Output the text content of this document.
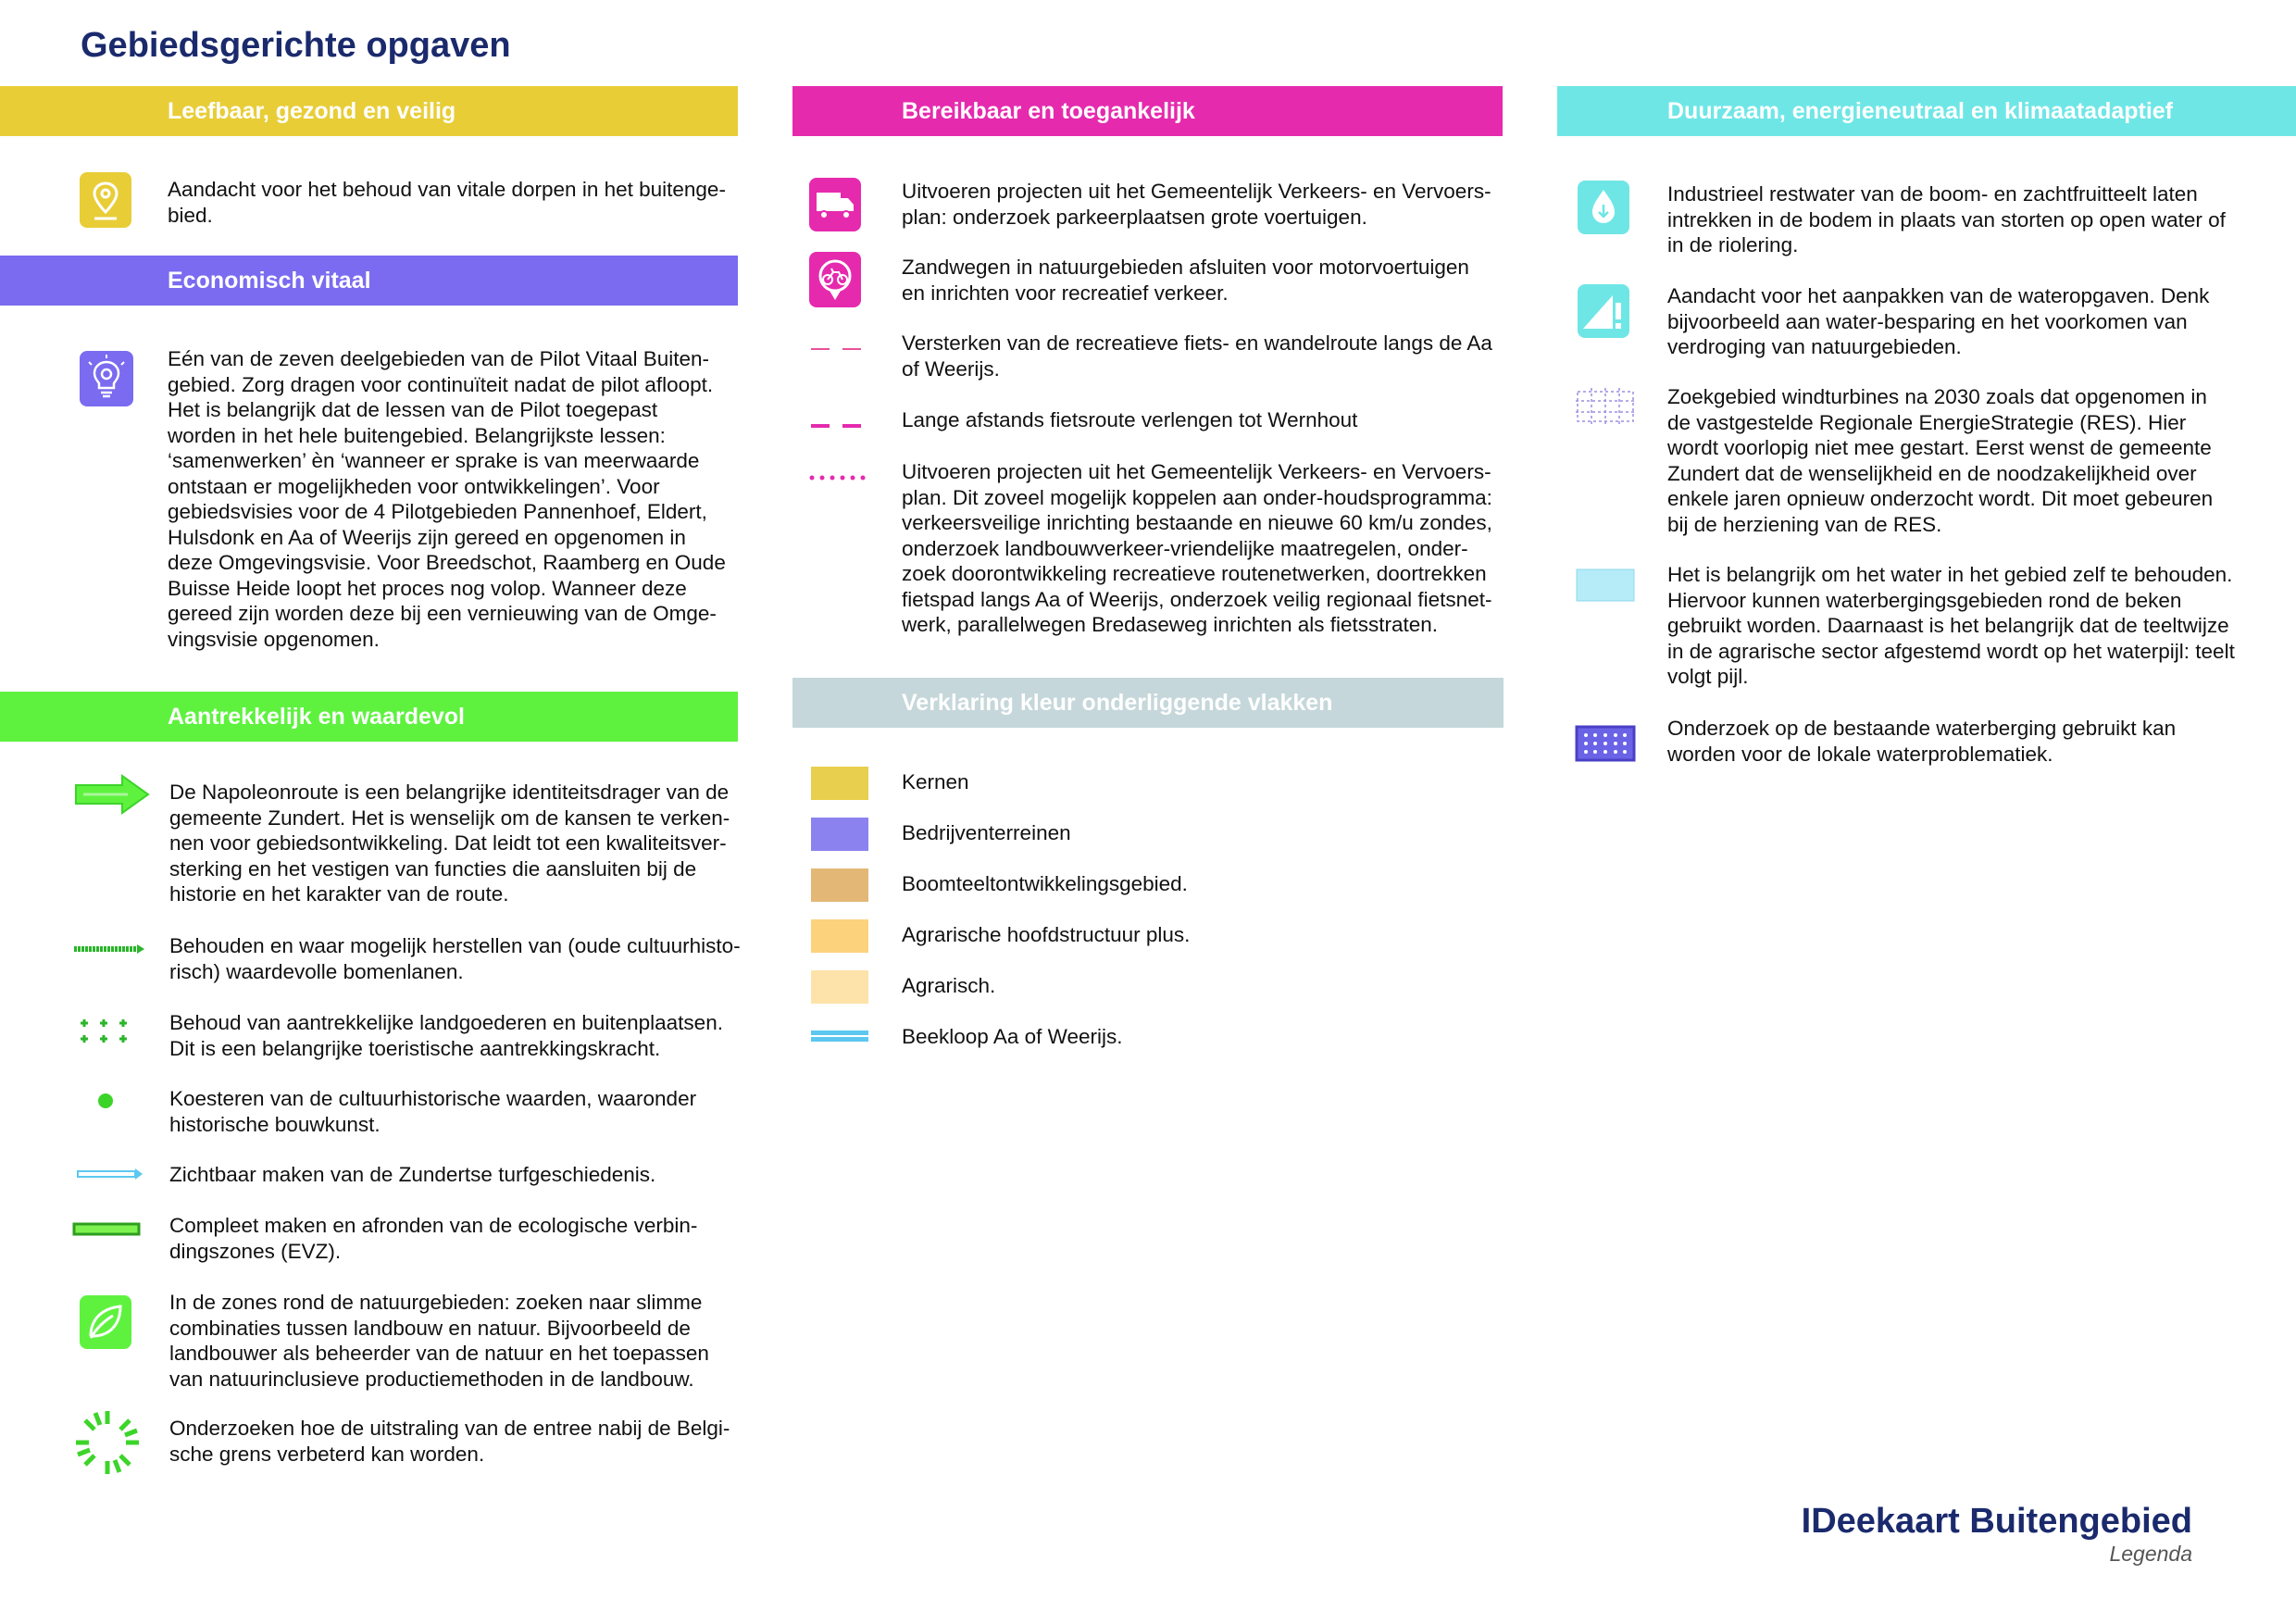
Gebiedsgerichte opgaven
Leefbaar, gezond en veilig
Aandacht voor het behoud van vitale dorpen in het buitenge-
bied.
Economisch vitaal
Eén van de zeven deelgebieden van de Pilot Vitaal Buiten-
gebied. Zorg dragen voor continuïteit nadat de pilot afloopt.
Het is belangrijk dat de lessen van de Pilot toegepast
worden in het hele buitengebied. Belangrijkste lessen:
‘samenwerken’ èn ‘wanneer er sprake is van meerwaarde
ontstaan er mogelijkheden voor ontwikkelingen’. Voor
gebiedsvisies voor de 4 Pilotgebieden Pannenhoef, Eldert,
Hulsdonk en Aa of Weerijs zijn gereed en opgenomen in
deze Omgevingsvisie. Voor Breedschot, Raamberg en Oude
Buisse Heide loopt het proces nog volop. Wanneer deze
gereed zijn worden deze bij een vernieuwing van de Omge-
vingsvisie opgenomen.
Aantrekkelijk en waardevol
De Napoleonroute is een belangrijke identiteitsdrager van de
gemeente Zundert. Het is wenselijk om de kansen te verken-
nen voor gebiedsontwikkeling. Dat leidt tot een kwaliteitsver-
sterking en het vestigen van functies die aansluiten bij de
historie en het karakter van de route.
Behouden en waar mogelijk herstellen van (oude cultuurhisto-
risch) waardevolle bomenlanen.
Behoud van aantrekkelijke landgoederen en buitenplaatsen.
Dit is een belangrijke toeristische aantrekkingskracht.
Koesteren van de cultuurhistorische waarden, waaronder
historische bouwkunst.
Zichtbaar maken van de Zundertse turfgeschiedenis.
Compleet maken en afronden van de ecologische verbin-
dingszones (EVZ).
In de zones rond de natuurgebieden: zoeken naar slimme
combinaties tussen landbouw en natuur. Bijvoorbeeld de
landbouwer als beheerder van de natuur en het toepassen
van natuurinclusieve productiemethoden in de landbouw.
Onderzoeken hoe de uitstraling van de entree nabij de Belgi-
sche grens verbeterd kan worden.
Bereikbaar en toegankelijk
Uitvoeren projecten uit het Gemeentelijk Verkeers- en Vervoers-
plan: onderzoek parkeerplaatsen grote voertuigen.
Zandwegen in natuurgebieden afsluiten voor motorvoertuigen
en inrichten voor recreatief verkeer.
Versterken van de recreatieve fiets- en wandelroute langs de Aa
of Weerijs.
Lange afstands fietsroute verlengen tot Wernhout
Uitvoeren projecten uit het Gemeentelijk Verkeers- en Vervoers-
plan. Dit zoveel mogelijk koppelen aan onder-houdsprogramma:
verkeersveilige inrichting bestaande en nieuwe 60 km/u zondes,
onderzoek landbouwverkeer-vriendelijke maatregelen, onder-
zoek doorontwikkeling recreatieve routenetwerken, doortrekken
fietspad langs Aa of Weerijs, onderzoek veilig regionaal fietsnet-
werk, parallelwegen Bredaseweg inrichten als fietsstraten.
Verklaring kleur onderliggende vlakken
Kernen
Bedrijventerreinen
Boomteeltontwikkelingsgebied.
Agrarische hoofdstructuur plus.
Agrarisch.
Beekloop Aa of Weerijs.
Duurzaam, energieneutraal en klimaatadaptief
Industrieel restwater van de boom- en zachtfruitteelt laten
intrekken in de bodem in plaats van storten op open water of
in de riolering.
Aandacht voor het aanpakken van de wateropgaven. Denk
bijvoorbeeld aan water-besparing en het voorkomen van
verdroging van natuurgebieden.
Zoekgebied windturbines na 2030 zoals dat opgenomen in
de vastgestelde Regionale EnergieStrategie (RES). Hier
wordt voorlopig niet mee gestart. Eerst wenst de gemeente
Zundert dat de wenselijkheid en de noodzakelijkheid over
enkele jaren opnieuw onderzocht wordt. Dit moet gebeuren
bij de herziening van de RES.
Het is belangrijk om het water in het gebied zelf te behouden.
Hiervoor kunnen waterbergingsgebieden rond de beken
gebruikt worden. Daarnaast is het belangrijk dat de teeltwijze
in de agrarische sector afgestemd wordt op het waterpijl: teelt
volgt pijl.
Onderzoek op de bestaande waterberging gebruikt kan
worden voor de lokale waterproblematiek.
IDeekaart Buitengebied
Legenda
